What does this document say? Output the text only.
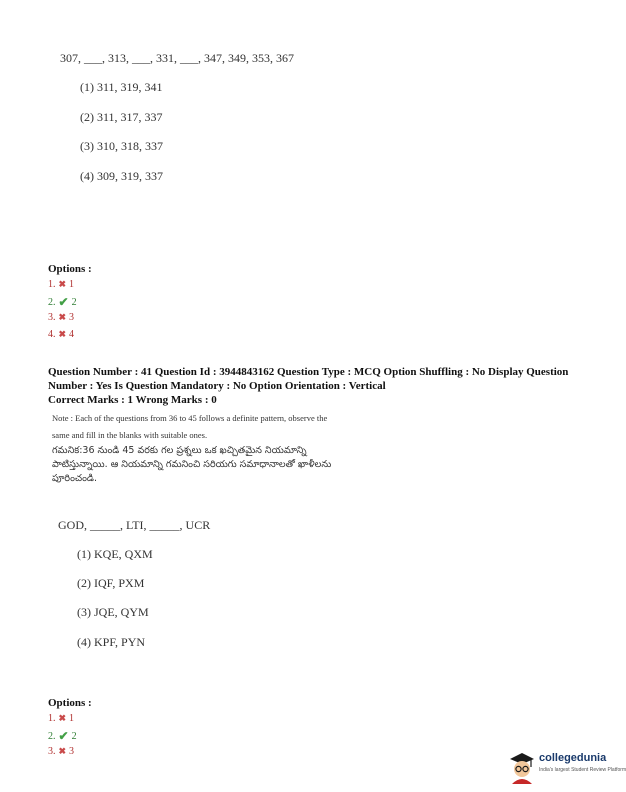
307, ___, 313, ___, 331, ___, 347, 349, 353, 367
(1) 311, 319, 341
(2) 311, 317, 337
(3) 310, 318, 337
(4) 309, 319, 337
Options :
1. ✖ 1
2. ✔ 2
3. ✖ 3
4. ✖ 4
Question Number : 41 Question Id : 3944843162 Question Type : MCQ Option Shuffling : No Display Question Number : Yes Is Question Mandatory : No Option Orientation : Vertical
Correct Marks : 1 Wrong Marks : 0
Note : Each of the questions from 36 to 45 follows a definite pattern, observe the
same and fill in the blanks with suitable ones.
గమనిక:36 నుండి 45 వరకు గల ప్రశ్నలు ఒక ఖచ్చితమైన నియమాన్ని
పాటిస్తున్నాయి. ఆ నియమాన్ని గమనించి సరియగు సమాధానాలతో ఖాళీలను
పూరించండి.
GOD, _____, LTI, _____, UCR
(1) KQE, QXM
(2) IQF, PXM
(3) JQE, QYM
(4) KPF, PYN
Options :
1. ✖ 1
2. ✔ 2
3. ✖ 3
collegedunia
India's largest Student Review Platform
